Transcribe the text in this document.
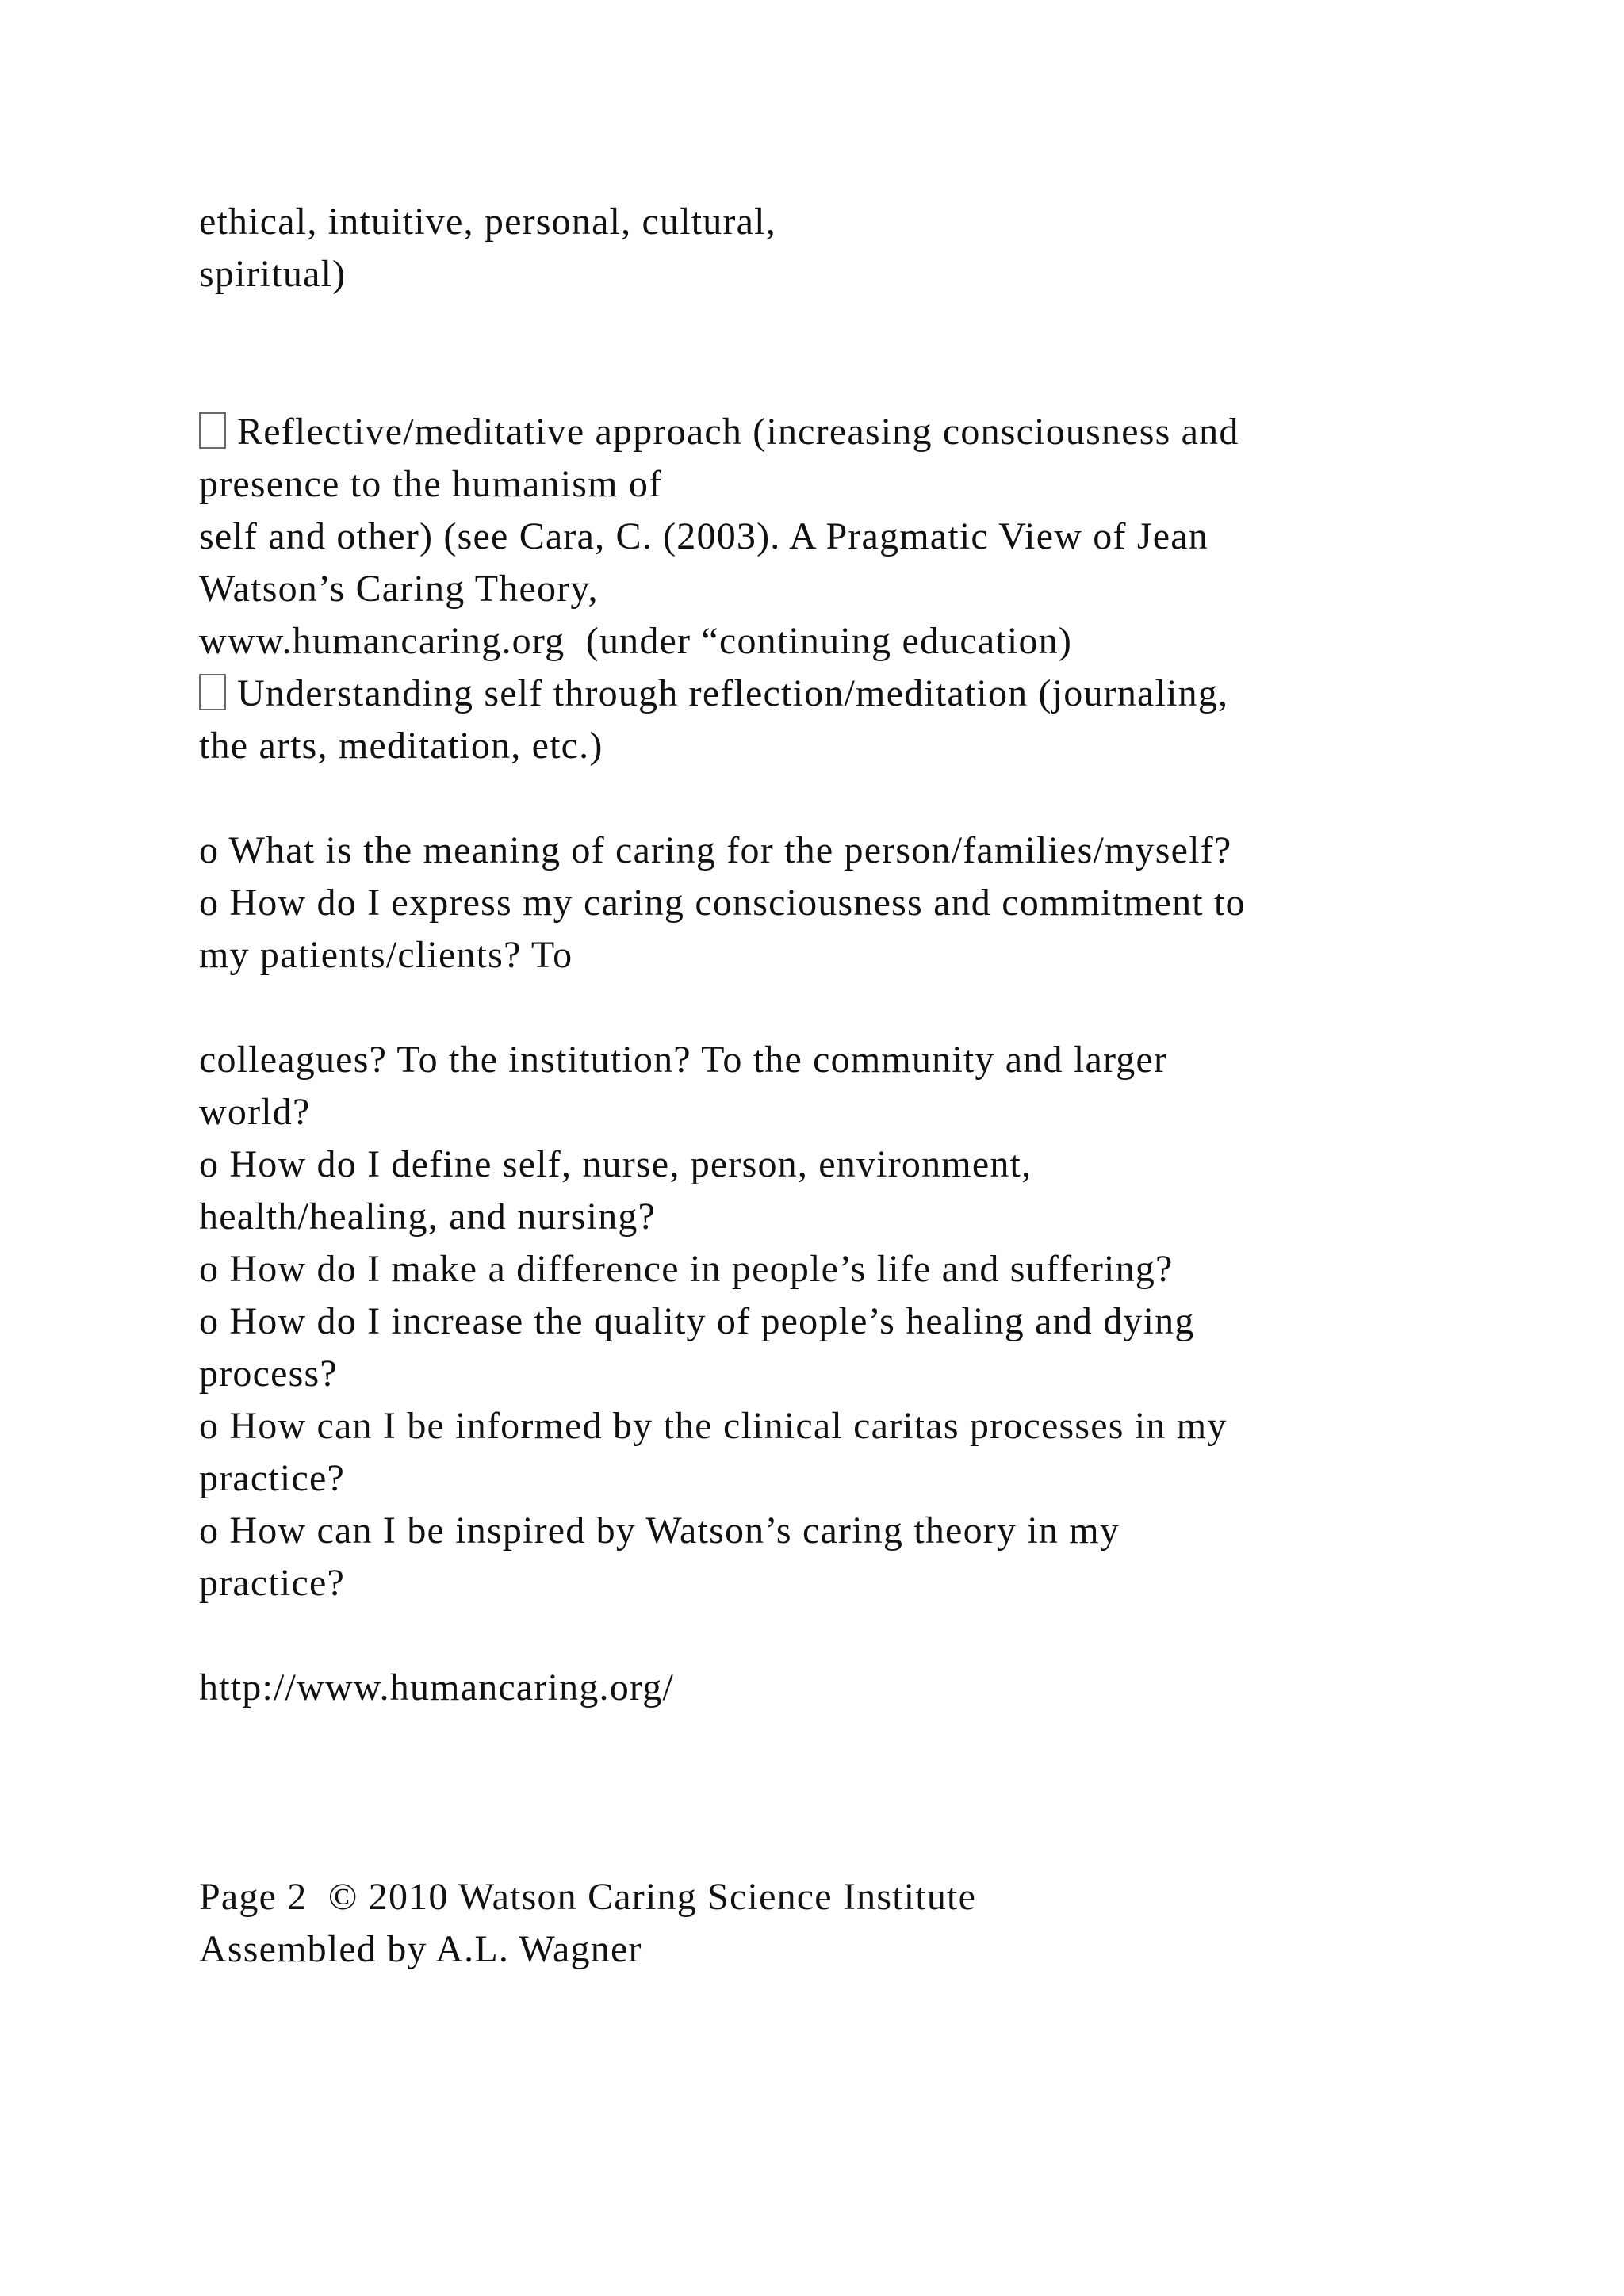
ethical, intuitive, personal, cultural,
spiritual)
Reflective/meditative approach (increasing consciousness and
presence to the humanism of
self and other) (see Cara, C. (2003). A Pragmatic View of Jean
Watson’s Caring Theory,
www.humancaring.org  (under “continuing education)
Understanding self through reflection/meditation (journaling,
the arts, meditation, etc.)
o What is the meaning of caring for the person/families/myself?
o How do I express my caring consciousness and commitment to
my patients/clients? To
colleagues? To the institution? To the community and larger
world?
o How do I define self, nurse, person, environment,
health/healing, and nursing?
o How do I make a difference in people’s life and suffering?
o How do I increase the quality of people’s healing and dying
process?
o How can I be informed by the clinical caritas processes in my
practice?
o How can I be inspired by Watson’s caring theory in my
practice?
http://www.humancaring.org/
Page 2  © 2010 Watson Caring Science Institute
Assembled by A.L. Wagner
